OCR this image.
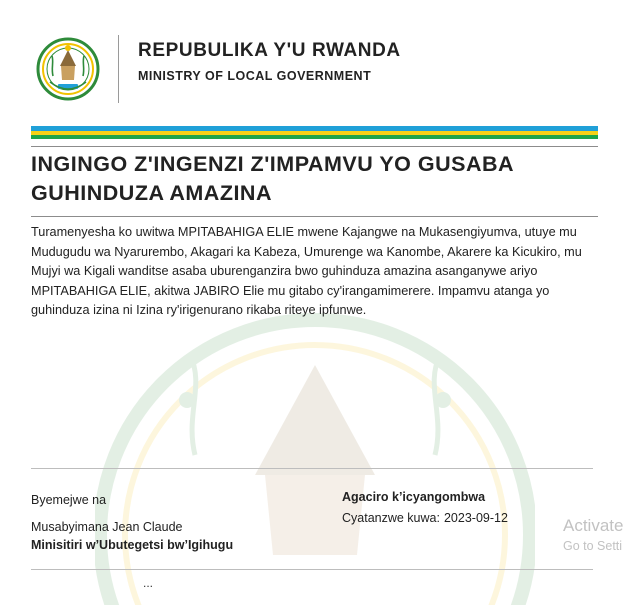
REPUBULIKA Y'U RWANDA
MINISTRY OF LOCAL GOVERNMENT
INGINGO Z'INGENZI Z'IMPAMVU YO GUSABA GUHINDUZA AMAZINA

Turamenyesha ko uwitwa MPITABAHIGA ELIE mwene Kajangwe na Mukasengiyumva, utuye mu Mudugudu wa Nyarurembo, Akagari ka Kabeza, Umurenge wa Kanombe, Akarere ka Kicukiro, mu Mujyi wa Kigali wanditse asaba uburenganzira bwo guhinduza amazina asanganywe ariyo MPITABAHIGA ELIE, akitwa JABIRO Elie mu gitabo cy'irangamimerere. Impamvu atanga yo guhinduza izina ni Izina ry'irigenurano rikaba riteye ipfunwe.

Byemejwe na
Musabyimana Jean Claude
Minisitiri w’Ubutegetsi bw’Igihugu
Agaciro k’icyangombwa
Cyatanzwe kuwa: 2023-09-12
...
Activate
Go to Setti
